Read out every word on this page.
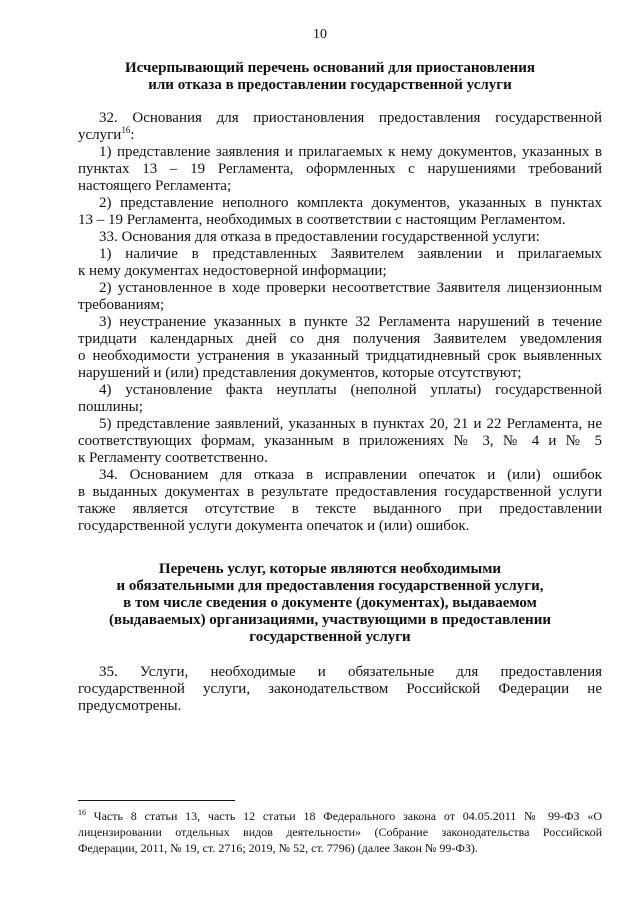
10
Исчерпывающий перечень оснований для приостановления
или отказа в предоставлении государственной услуги
32. Основания для приостановления предоставления государственной
услуги$^{16}$:
1) представление заявления и прилагаемых к нему документов, указанных в
пунктах 13 – 19 Регламента, оформленных с нарушениями требований
настоящего Регламента;
2) представление неполного комплекта документов, указанных в пунктах
13 – 19 Регламента, необходимых в соответствии с настоящим Регламентом.
33. Основания для отказа в предоставлении государственной услуги:
1) наличие в представленных Заявителем заявлении и прилагаемых
к нему документах недостоверной информации;
2) установленное в ходе проверки несоответствие Заявителя лицензионным
требованиям;
3) неустранение указанных в пункте 32 Регламента нарушений в течение
тридцати календарных дней со дня получения Заявителем уведомления
о необходимости устранения в указанный тридцатидневный срок выявленных
нарушений и (или) представления документов, которые отсутствуют;
4) установление факта неуплаты (неполной уплаты) государственной
пошлины;
5) представление заявлений, указанных в пунктах 20, 21 и 22 Регламента, не
соответствующих формам, указанным в приложениях № 3, № 4 и № 5
к Регламенту соответственно.
34. Основанием для отказа в исправлении опечаток и (или) ошибок
в выданных документах в результате предоставления государственной услуги
также является отсутствие в тексте выданного при предоставлении
государственной услуги документа опечаток и (или) ошибок.
Перечень услуг, которые являются необходимыми
и обязательными для предоставления государственной услуги,
в том числе сведения о документе (документах), выдаваемом
(выдаваемых) организациями, участвующими в предоставлении
государственной услуги
35. Услуги, необходимые и обязательные для предоставления
государственной услуги, законодательством Российской Федерации не
предусмотрены.
$^{16}$ Часть 8 статьи 13, часть 12 статьи 18 Федерального закона от 04.05.2011 № 99-ФЗ «О
лицензировании отдельных видов деятельности» (Собрание законодательства Российской
Федерации, 2011, № 19, ст. 2716; 2019, № 52, ст. 7796) (далее Закон № 99-ФЗ).
